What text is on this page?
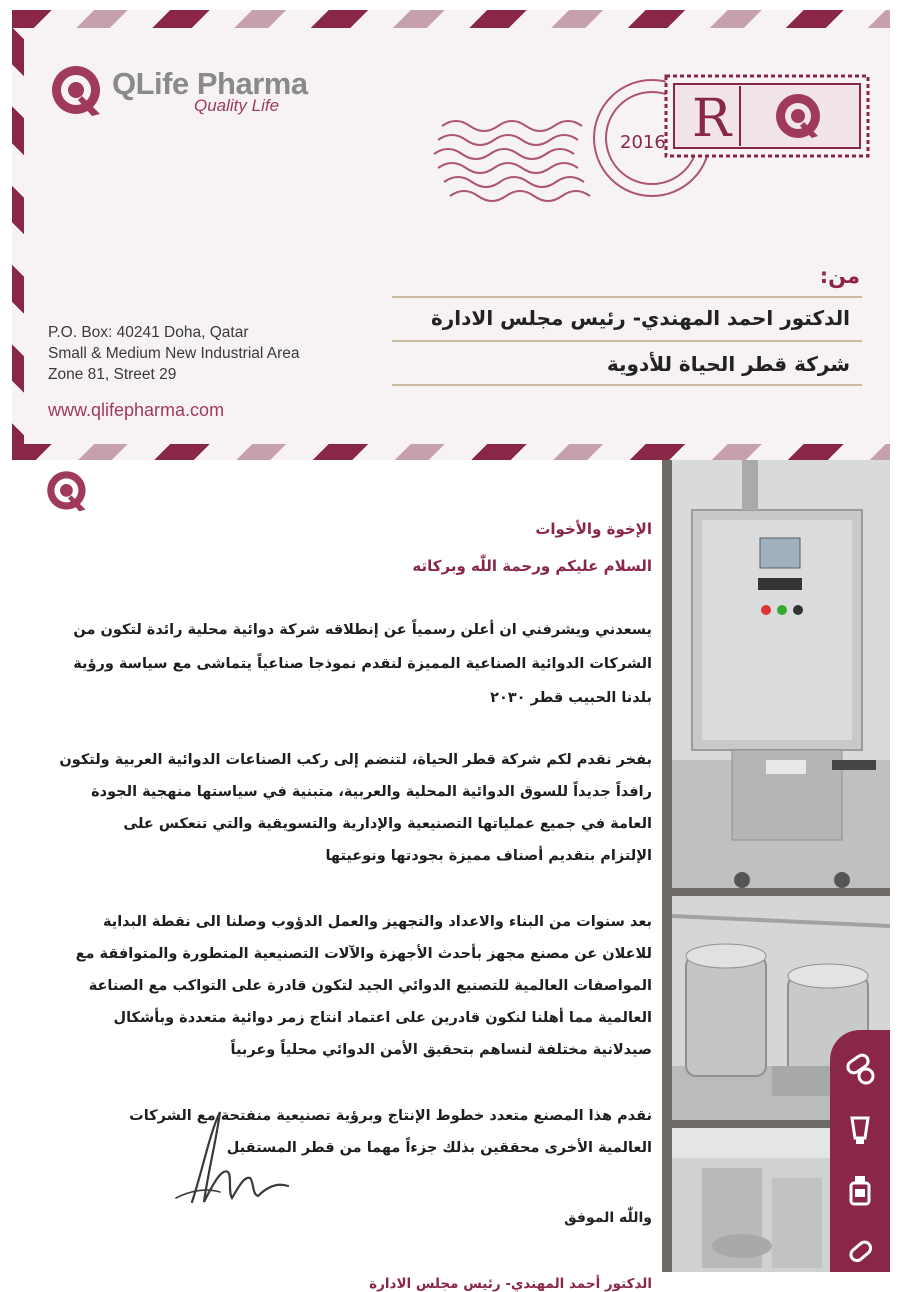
QLife Pharma
Quality Life	R
2016
من:
الدكتور احمد المهندي- رئيس مجلس الادارة
شركة قطر الحياة للأدوية
P.O. Box: 40241 Doha, Qatar
Small & Medium New Industrial Area
Zone 81, Street 29
www.qlifepharma.com
الإخوة والأخوات
السلام عليكم ورحمة اللّٰه وبركاته
يسعدني ويشرفني ان أعلن رسمياً عن إنطلاقه شركة دوائية محلية رائدة لتكون من
الشركات الدوائية الصناعية المميزة لنقدم نموذجا صناعياً يتماشى مع سياسة ورؤية
بلدنا الحبيب قطر ٢٠٣٠
بفخر نقدم لكم شركة قطر الحياة، لتنضم إلى ركب الصناعات الدوائية العربية ولتكون
رافداً جديداً للسوق الدوائية المحلية والعربية، متبنية في سياستها منهجية الجودة
العامة في جميع عملياتها التصنيعية والإدارية والتسويقية والتي تنعكس على
الإلتزام بتقديم أصناف مميزة بجودتها ونوعيتها
بعد سنوات من البناء والاعداد والتجهيز والعمل الدؤوب وصلنا الى نقطة البداية
للاعلان عن مصنع مجهز بأحدث الأجهزة والآلات التصنيعية المتطورة والمتوافقة مع
المواصفات العالمية للتصنيع الدوائي الجيد لتكون قادرة على التواكب مع الصناعة
العالمية مما أهلنا لنكون قادرين على اعتماد انتاج زمر دوائية متعددة وبأشكال
صيدلانية مختلفة لنساهم بتحقيق الأمن الدوائي محلياً وعربياً
نقدم هذا المصنع متعدد خطوط الإنتاج وبرؤية تصنيعية منفتحة مع الشركات
العالمية الأخرى محققين بذلك جزءاً مهما من قطر المستقبل
واللّٰه الموفق
الدكتور أحمد المهندي- رئيس مجلس الادارة
